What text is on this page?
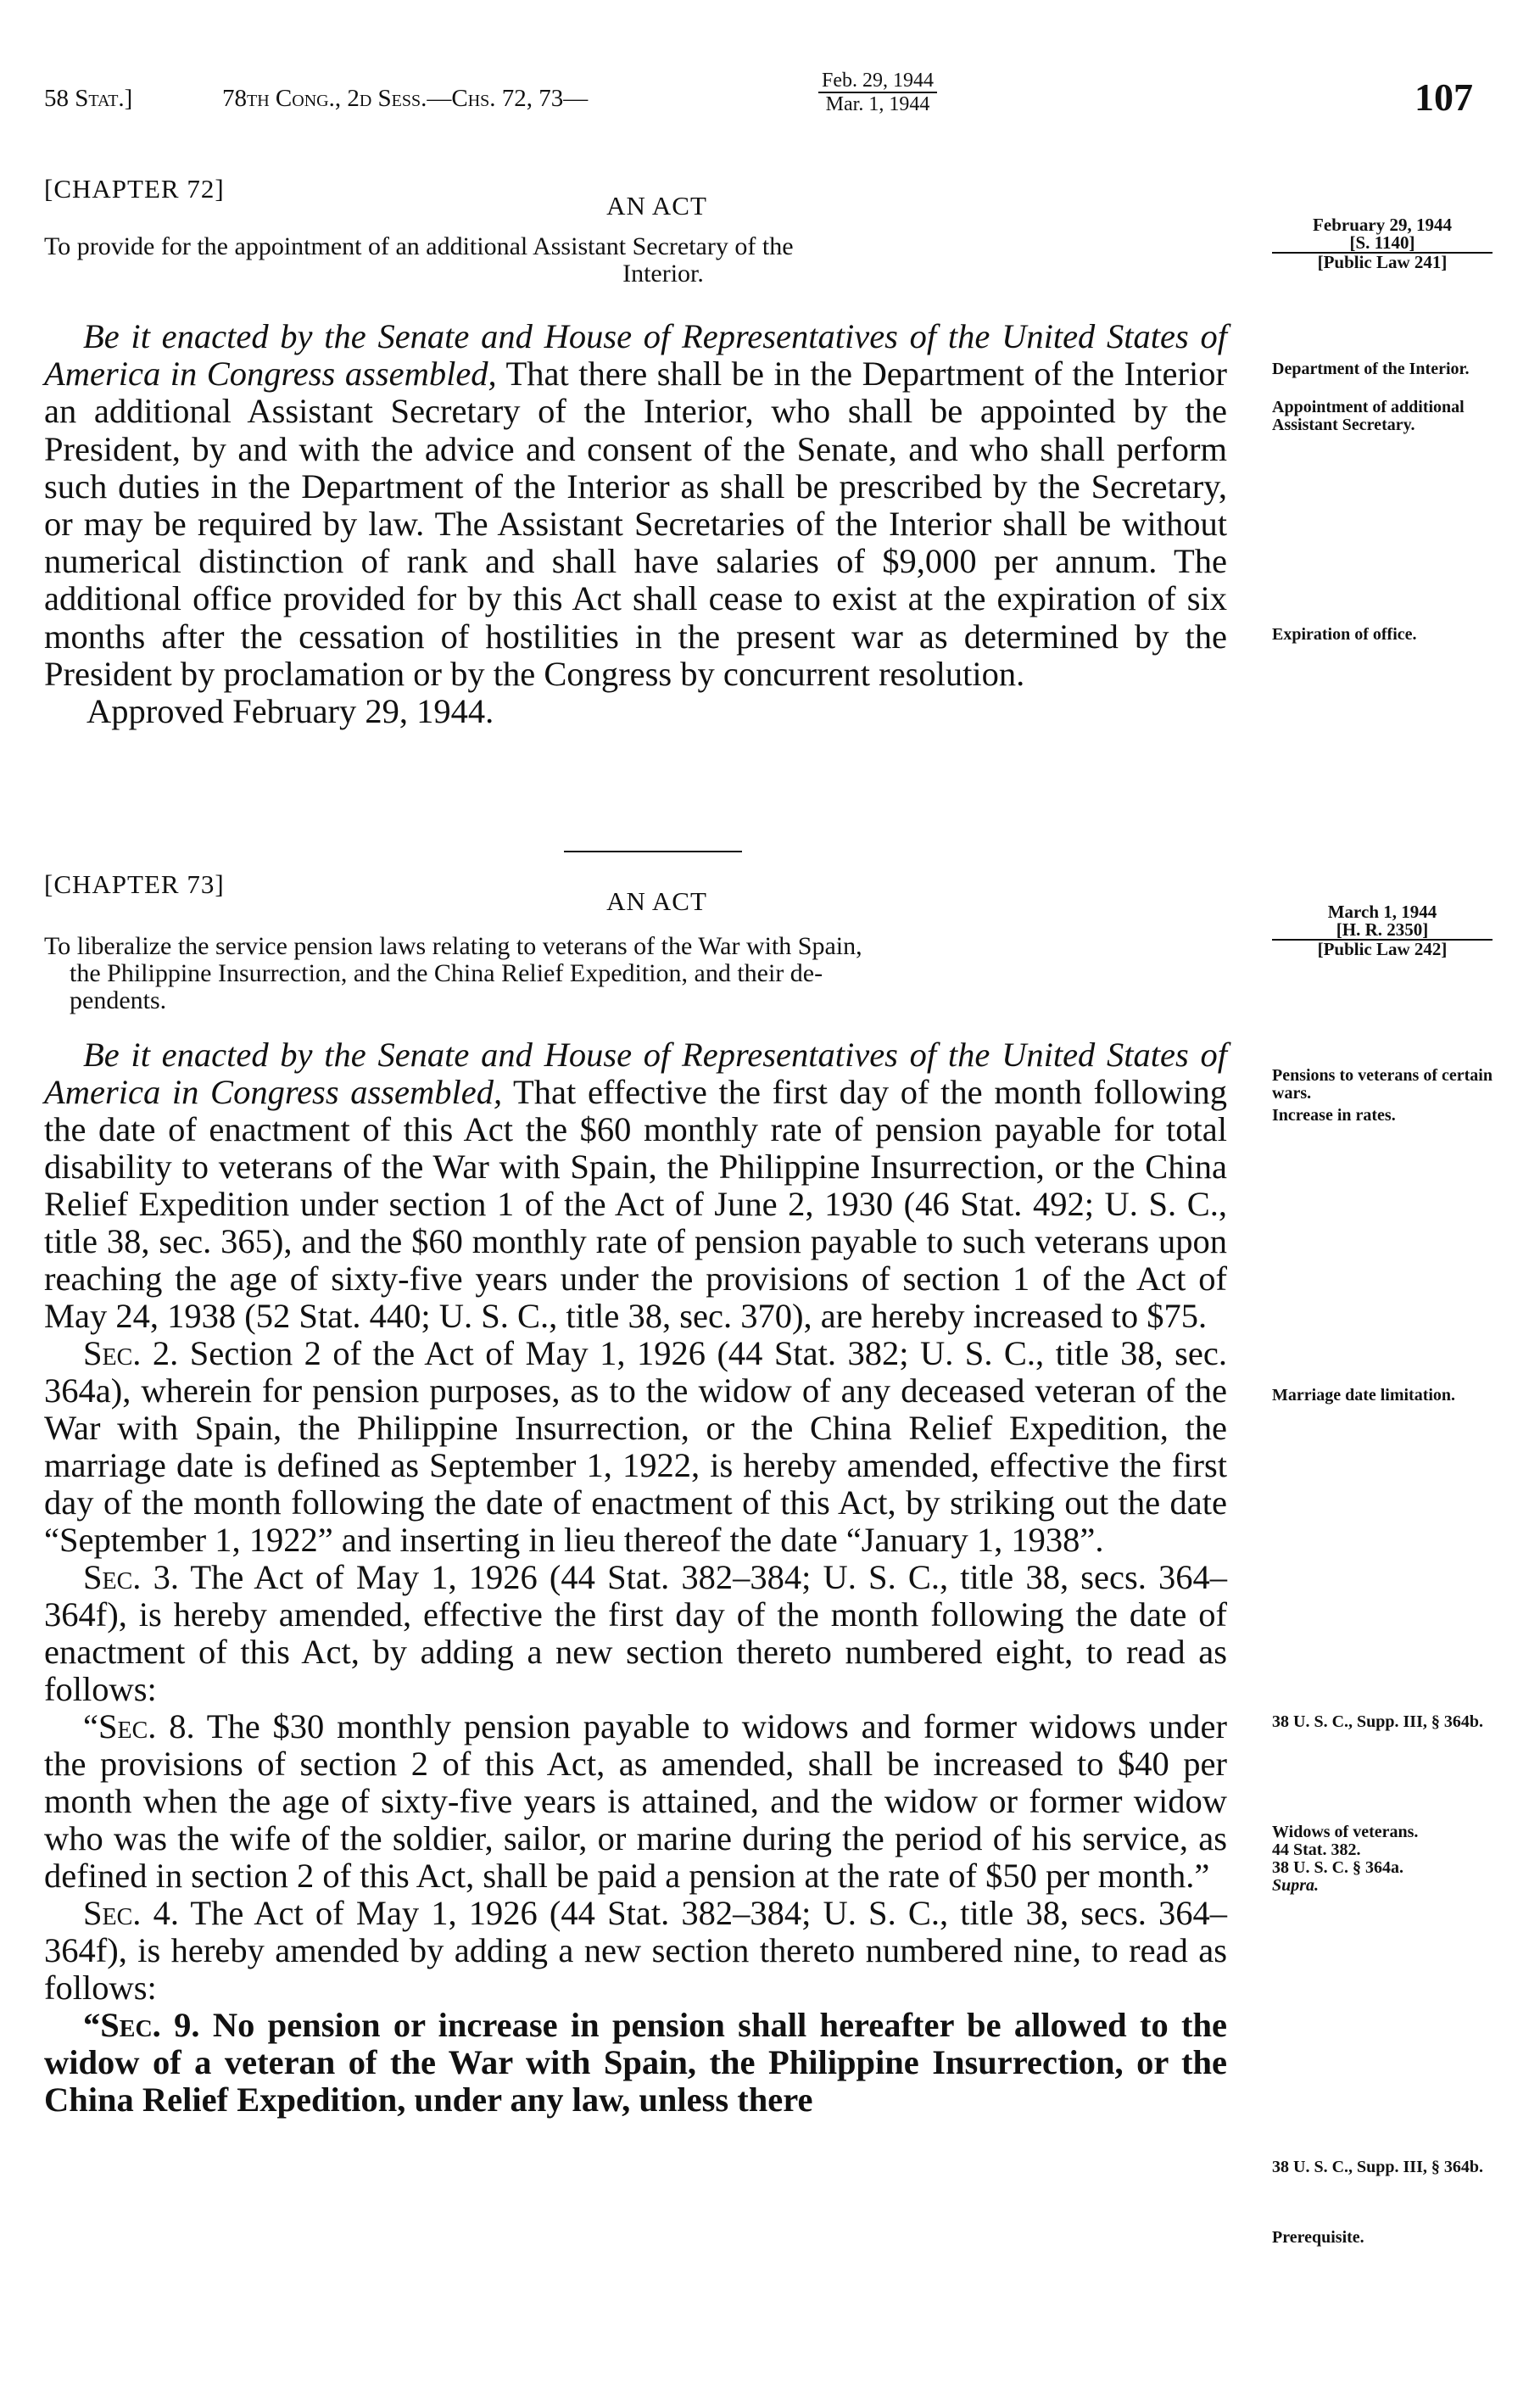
58 Stat.]	78th Cong., 2d Sess.—Chs. 72, 73—	$\frac{\text{Feb. 29, 1944}}{\text{Mar. 1, 1944}}$	107
[CHAPTER 72]
AN ACT
To provide for the appointment of an additional Assistant Secretary of the
Interior.
February 29, 1944
[S. 1140]
[Public Law 241]

Be it enacted by the Senate and House of Representatives of the United States of America in Congress assembled, That there shall be in the Department of the Interior an additional Assistant Secretary of the Interior, who shall be appointed by the President, by and with the advice and consent of the Senate, and who shall perform such duties in the Department of the Interior as shall be prescribed by the Secretary, or may be required by law. The Assistant Secretaries of the Interior shall be without numerical distinction of rank and shall have salaries of $9,000 per annum. The additional office provided for by this Act shall cease to exist at the expiration of six months after the cessation of hostilities in the present war as determined by the President by proclamation or by the Congress by concurrent resolution.

Approved February 29, 1944.

Department of the Interior.
Appointment of additional Assistant Secretary.
Expiration of office.
[CHAPTER 73]
AN ACT
To liberalize the service pension laws relating to veterans of the War with Spain,
the Philippine Insurrection, and the China Relief Expedition, and their de-
pendents.
March 1, 1944
[H. R. 2350]
[Public Law 242]

Be it enacted by the Senate and House of Representatives of the United States of America in Congress assembled, That effective the first day of the month following the date of enactment of this Act the $60 monthly rate of pension payable for total disability to veterans of the War with Spain, the Philippine Insurrection, or the China Relief Expedition under section 1 of the Act of June 2, 1930 (46 Stat. 492; U. S. C., title 38, sec. 365), and the $60 monthly rate of pension payable to such veterans upon reaching the age of sixty-five years under the provisions of section 1 of the Act of May 24, 1938 (52 Stat. 440; U. S. C., title 38, sec. 370), are hereby increased to $75.

Sec. 2. Section 2 of the Act of May 1, 1926 (44 Stat. 382; U. S. C., title 38, sec. 364a), wherein for pension purposes, as to the widow of any deceased veteran of the War with Spain, the Philippine Insurrection, or the China Relief Expedition, the marriage date is defined as September 1, 1922, is hereby amended, effective the first day of the month following the date of enactment of this Act, by striking out the date “September 1, 1922” and inserting in lieu thereof the date “January 1, 1938”.

Sec. 3. The Act of May 1, 1926 (44 Stat. 382–384; U. S. C., title 38, secs. 364–364f), is hereby amended, effective the first day of the month following the date of enactment of this Act, by adding a new section thereto numbered eight, to read as follows:

“Sec. 8. The $30 monthly pension payable to widows and former widows under the provisions of section 2 of this Act, as amended, shall be increased to $40 per month when the age of sixty-five years is attained, and the widow or former widow who was the wife of the soldier, sailor, or marine during the period of his service, as defined in section 2 of this Act, shall be paid a pension at the rate of $50 per month.”

Sec. 4. The Act of May 1, 1926 (44 Stat. 382–384; U. S. C., title 38, secs. 364–364f), is hereby amended by adding a new section thereto numbered nine, to read as follows:

“Sec. 9. No pension or increase in pension shall hereafter be allowed to the widow of a veteran of the War with Spain, the Philippine Insurrection, or the China Relief Expedition, under any law, unless there

Pensions to veterans of certain wars.
Increase in rates.
Marriage date limitation.
38 U. S. C., Supp. III, § 364b.
Widows of veterans.
44 Stat. 382.
38 U. S. C. § 364a.
Supra.
38 U. S. C., Supp. III, § 364b.
Prerequisite.
